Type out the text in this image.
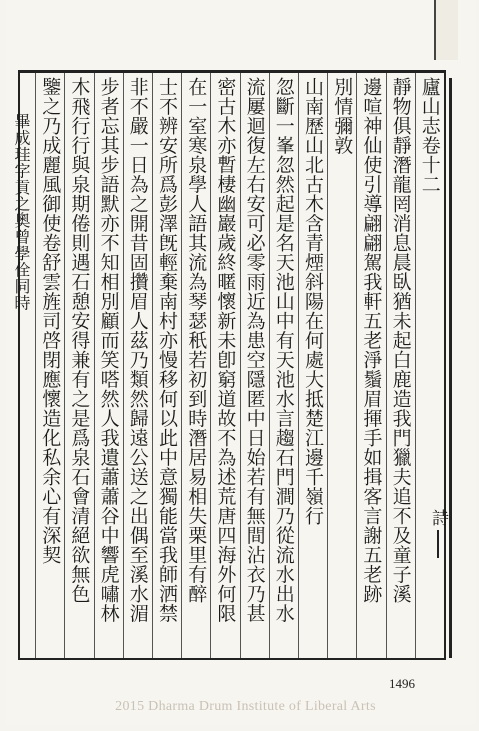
廬山志卷十二
靜物俱靜潛龍罔消息晨臥猶未起白鹿造我門獵夫追不及童子溪
邊喧神仙使引導翩翩駕我軒五老淨鬚眉揮手如揖客言謝五老跡
別情彌敦
山南歷山北古木含青煙斜陽在何處大抵楚江邊千嶺行
忽斷一峯忽然起是名天池山中有天池水言趨石門澗乃從流水出水
流屢迴復左右安可必零雨近為患空隱匿中日始若有無間沾衣乃甚
密古木亦暫棲幽巖歲終暱懷新未卽窮道故不為述荒唐四海外何限
在一室寒泉學人語其流為琴瑟秖若初到時潛居易相失栗里有醉
士不辨安所爲彭澤旣輕棄南村亦慢移何以此中意獨能當我師洒禁
非不嚴一日為之開昔固攢眉人茲乃類然歸遠公送之出偶至溪水湄
步者忘其步語默亦不知相別顧而笑嗒然人我遺蕭蕭谷中響虎嘯林
木飛行行與泉期倦則遇石憩安得兼有之是爲泉石會清絕欲無色
鑒之乃成麗風御使卷舒雲旌司啓閉應懷造化私余心有深契
畢成珪字貢之奧曾學佺同時
詩
1496
2015 Dharma Drum Institute of Liberal Arts
